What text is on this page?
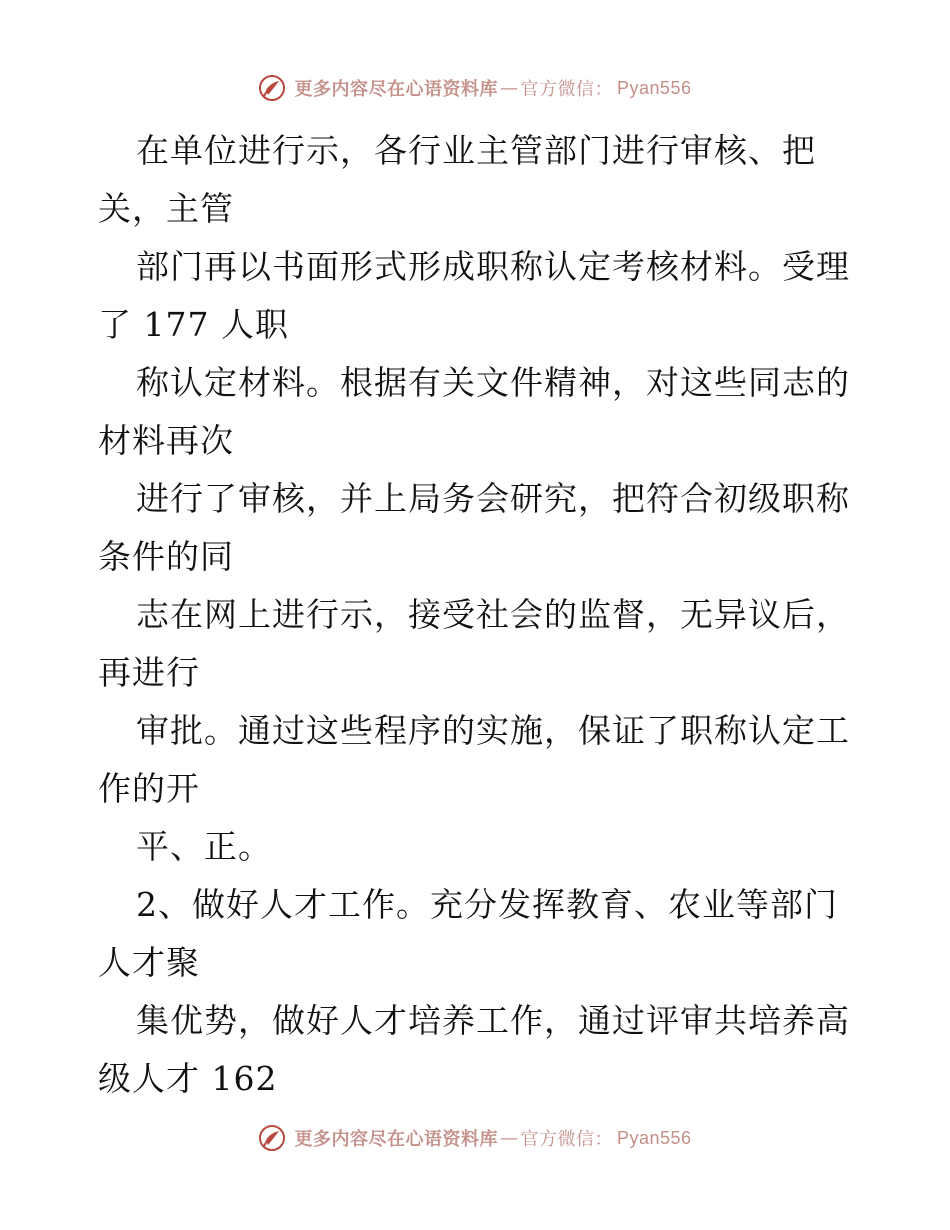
更多内容尽在心语资料库 — 官方微信： Pyan556
在单位进行示，各行业主管部门进行审核、把
关，主管
部门再以书面形式形成职称认定考核材料。受理
了 177 人职
称认定材料。根据有关文件精神，对这些同志的
材料再次
进行了审核，并上局务会研究，把符合初级职称
条件的同
志在网上进行示，接受社会的监督，无异议后，
再进行
审批。通过这些程序的实施，保证了职称认定工
作的开
平、正。
2、做好人才工作。充分发挥教育、农业等部门
人才聚
集优势，做好人才培养工作，通过评审共培养高
级人才 162
更多内容尽在心语资料库 — 官方微信： Pyan556
